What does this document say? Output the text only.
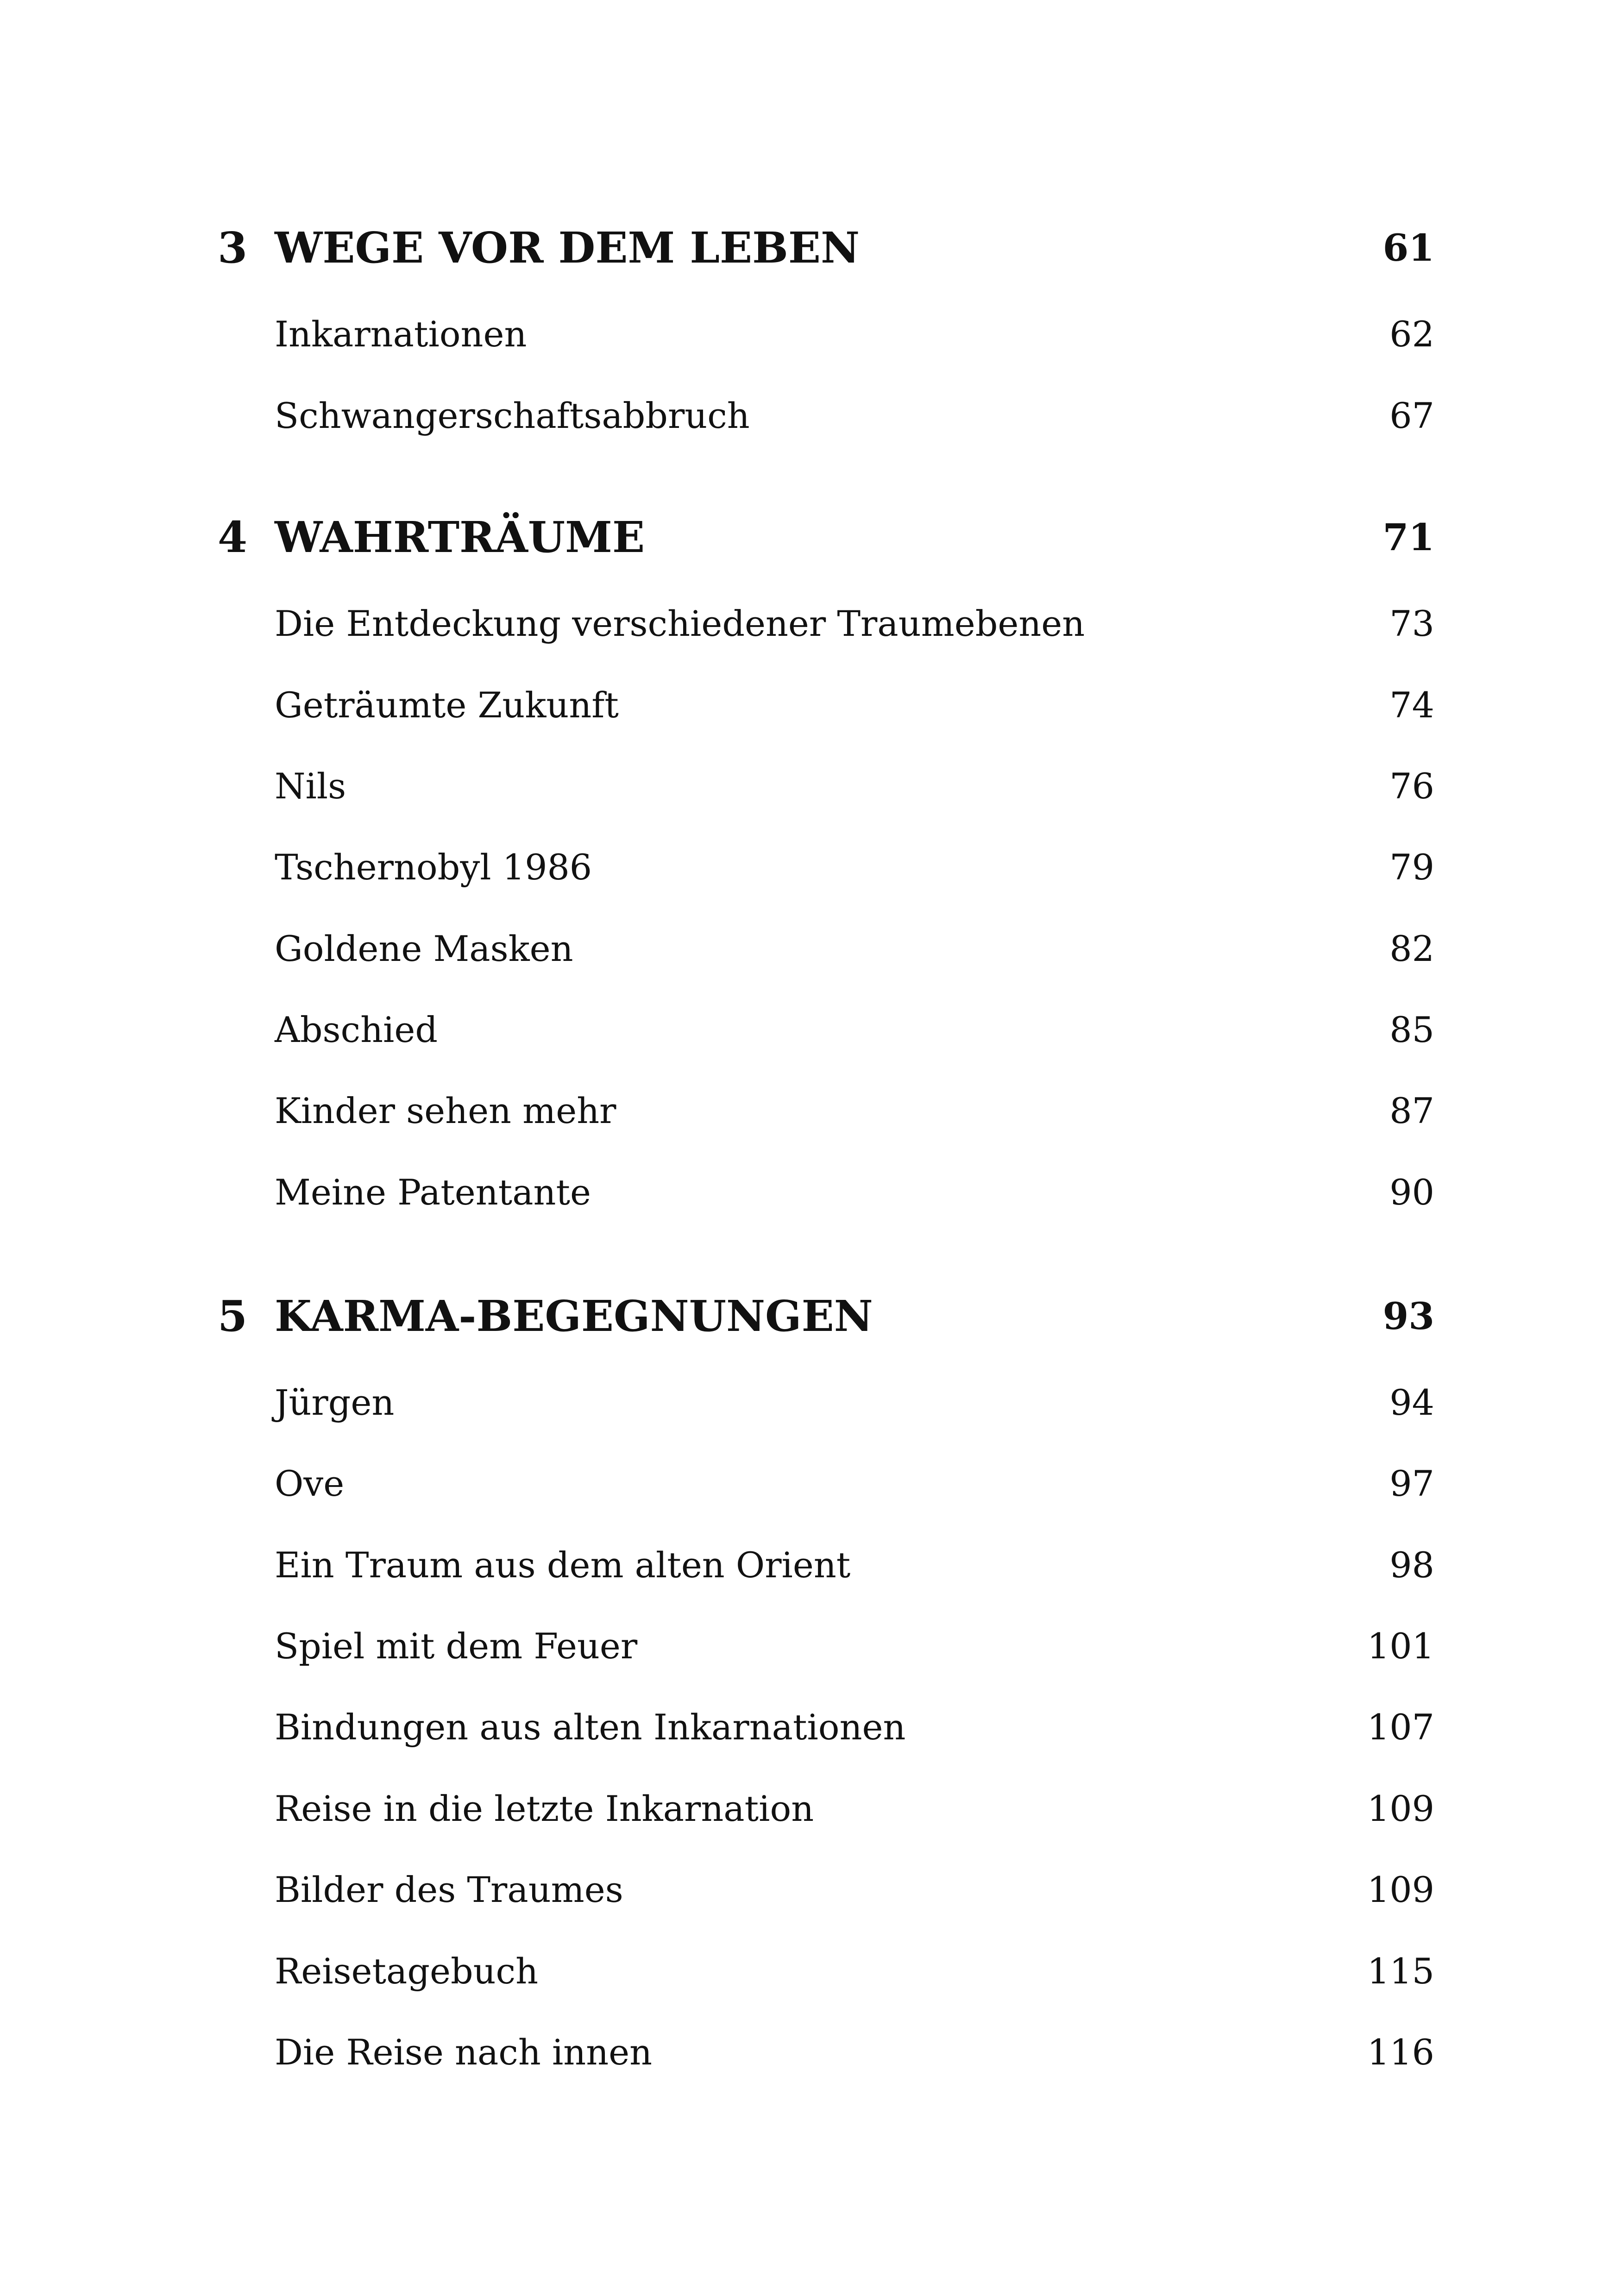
3 WEGE VOR DEM LEBEN	61
Inkarnationen	62
Schwangerschaftsabbruch	67
4 WAHRTRÄUME	71
Die Entdeckung verschiedener Traumebenen	73
Geträumte Zukunft	74
Nils	76
Tschernobyl 1986	79
Goldene Masken	82
Abschied	85
Kinder sehen mehr	87
Meine Patentante	90
5 KARMA-BEGEGNUNGEN	93
Jürgen	94
Ove	97
Ein Traum aus dem alten Orient	98
Spiel mit dem Feuer	101
Bindungen aus alten Inkarnationen	107
Reise in die letzte Inkarnation	109
Bilder des Traumes	109
Reisetagebuch	115
Die Reise nach innen	116
